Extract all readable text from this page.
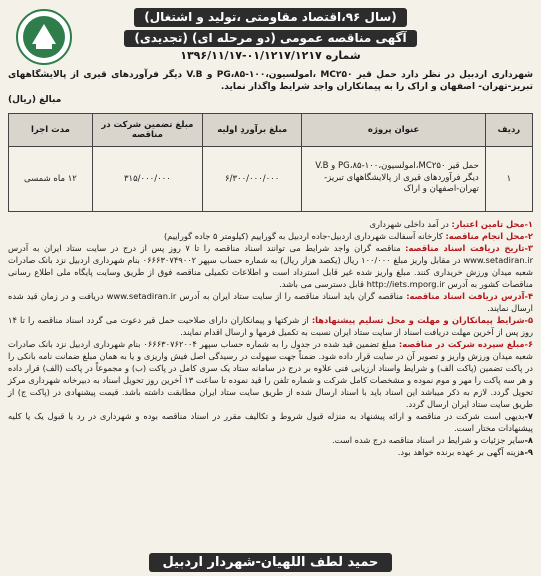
(سال ۹۶،اقتصاد مقاومتی ،تولید و اشتغال)
آگهی مناقصه عمومی (دو مرحله ای) (تجدیدی)
شماره ۰۱/۱۲۱۷/۱۲۱۷-۱۳۹۶/۱۱/۱۷
شهرداری اردبیل در نظر دارد حمل قیر MC۲۵۰ ،امولسیون،۱۰۰-PG،۸۵ و V.B دیگر فرآوردهای قیری از پالایشگاههای تبریز-تهران- اصفهان و اراک را به پیمانکاران واجد شرایط واگذار نماید.
مبالغ (ریال)
ردیف	عنوان پروژه	مبلغ برآوردِ اولیه	مبلغ تضمین شرکت در مناقصه	مدت اجرا
۱	حمل قیر MC۲۵۰،امولسیون،۱۰۰-PG،۸۵ و V.B دیگر فرآوردهای قیری از پالایشگاههای تبریز-تهران-اصفهان و اراک	۶/۳۰۰/۰۰۰/۰۰۰	۳۱۵/۰۰۰/۰۰۰	۱۲ ماه شمسی

۱-محل تامین اعتبار: در آمد داخلی شهرداری

۲-محل انجام مناقصه: کارخانه آسفالت شهرداری اردبیل-جاده اردبیل به گوراییم (کیلومتر ۵ جاده گوراییم)

۳-تاریخ دریافت اسناد مناقصه: مناقصه گران واجد شرایط می توانند اسناد مناقصه را تا ۷ روز پس از درج در سایت ستاد ایران به آدرس www.setadiran.ir در مقابل واریز مبلغ ۱۰۰/۰۰۰ ریال (یکصد هزار ریال) به شماره حساب سپهر ۰۶۶۶۳۰۷۴۹۰۰۲ بنام شهرداری اردبیل نزد بانک صادرات شعبه میدان ورزش خریداری کنند. مبلغ واریز شده غیر قابل استرداد است و اطلاعات تکمیلی مناقصه فوق از طریق وسایت پایگاه ملی اطلاع رسانی مناقصات کشور به آدرس http://iets.mporg.ir قابل دسترسی می باشد.

۴-آدرس دریافت اسناد مناقصه: مناقصه گران باید اسناد مناقصه را از سایت ستاد ایران به آدرس www.setadiran.ir دریافت و در زمان قید شده ارسال نمایند.

۵-شرایط پیمانکاران و مهلت و محل تسلیم پیشنهادها: از شرکتها و پیمانکاران دارای صلاحیت حمل قیر دعوت می گردد اسناد مناقصه را تا ۱۴ روز پس از آخرین مهلت دریافت اسناد از سایت ستاد ایران نسبت به تکمیل فرمها و ارسال اقدام نمایند.

۶-مبلغ سپرده شرکت در مناقصه: مبلغ تضمین قید شده در جدول را به شماره حساب سپهر ۰۶۶۶۳۰۷۶۲۰۰۴ بنام شهرداری اردبیل نزد بانک صادرات شعبه میدان ورزش واریز و تصویر آن در سایت قرار داده شود. ضمناً جهت سهولت در رسیدگی اصل فیش واریزی و یا به همان مبلغ ضمانت نامه بانکی را در پاکت تضمین (پاکت الف) و شرایط واسناد ارزیابی فنی علاوه بر درج در سامانه ستاد یک سری کامل در پاکت (ب) و مجموعاً در پاکت (الف) قرار داده و هر سه پاکت را مهر و موم نموده و مشخصات کامل شرکت و شماره تلفن را قید نموده تا ساعت ۱۳ آخرین روز تحویل اسناد به دبیرخانه شهرداری مرکز تحویل گردد. لازم به ذکر میباشد این اسناد باید با اسناد ارسال شده از طریق سایت ستاد ایران مطابقت داشته باشد. قیمت پیشنهادی در (پاکت ج) از طریق سایت ستاد ایران ارسال گردد.

۷-بدیهی است شرکت در مناقصه و ارائه پیشنهاد به منزله قبول شروط و تکالیف مقرر در اسناد مناقصه بوده و شهرداری در رد یا قبول یک یا کلیه پیشنهادات مختار است.

۸-سایر جزئیات و شرایط در اسناد مناقصه درج شده است.

۹-هزینه آگهی بر عهده برنده خواهد بود.

حمید لطف اللهیان-شهردار اردبیل
